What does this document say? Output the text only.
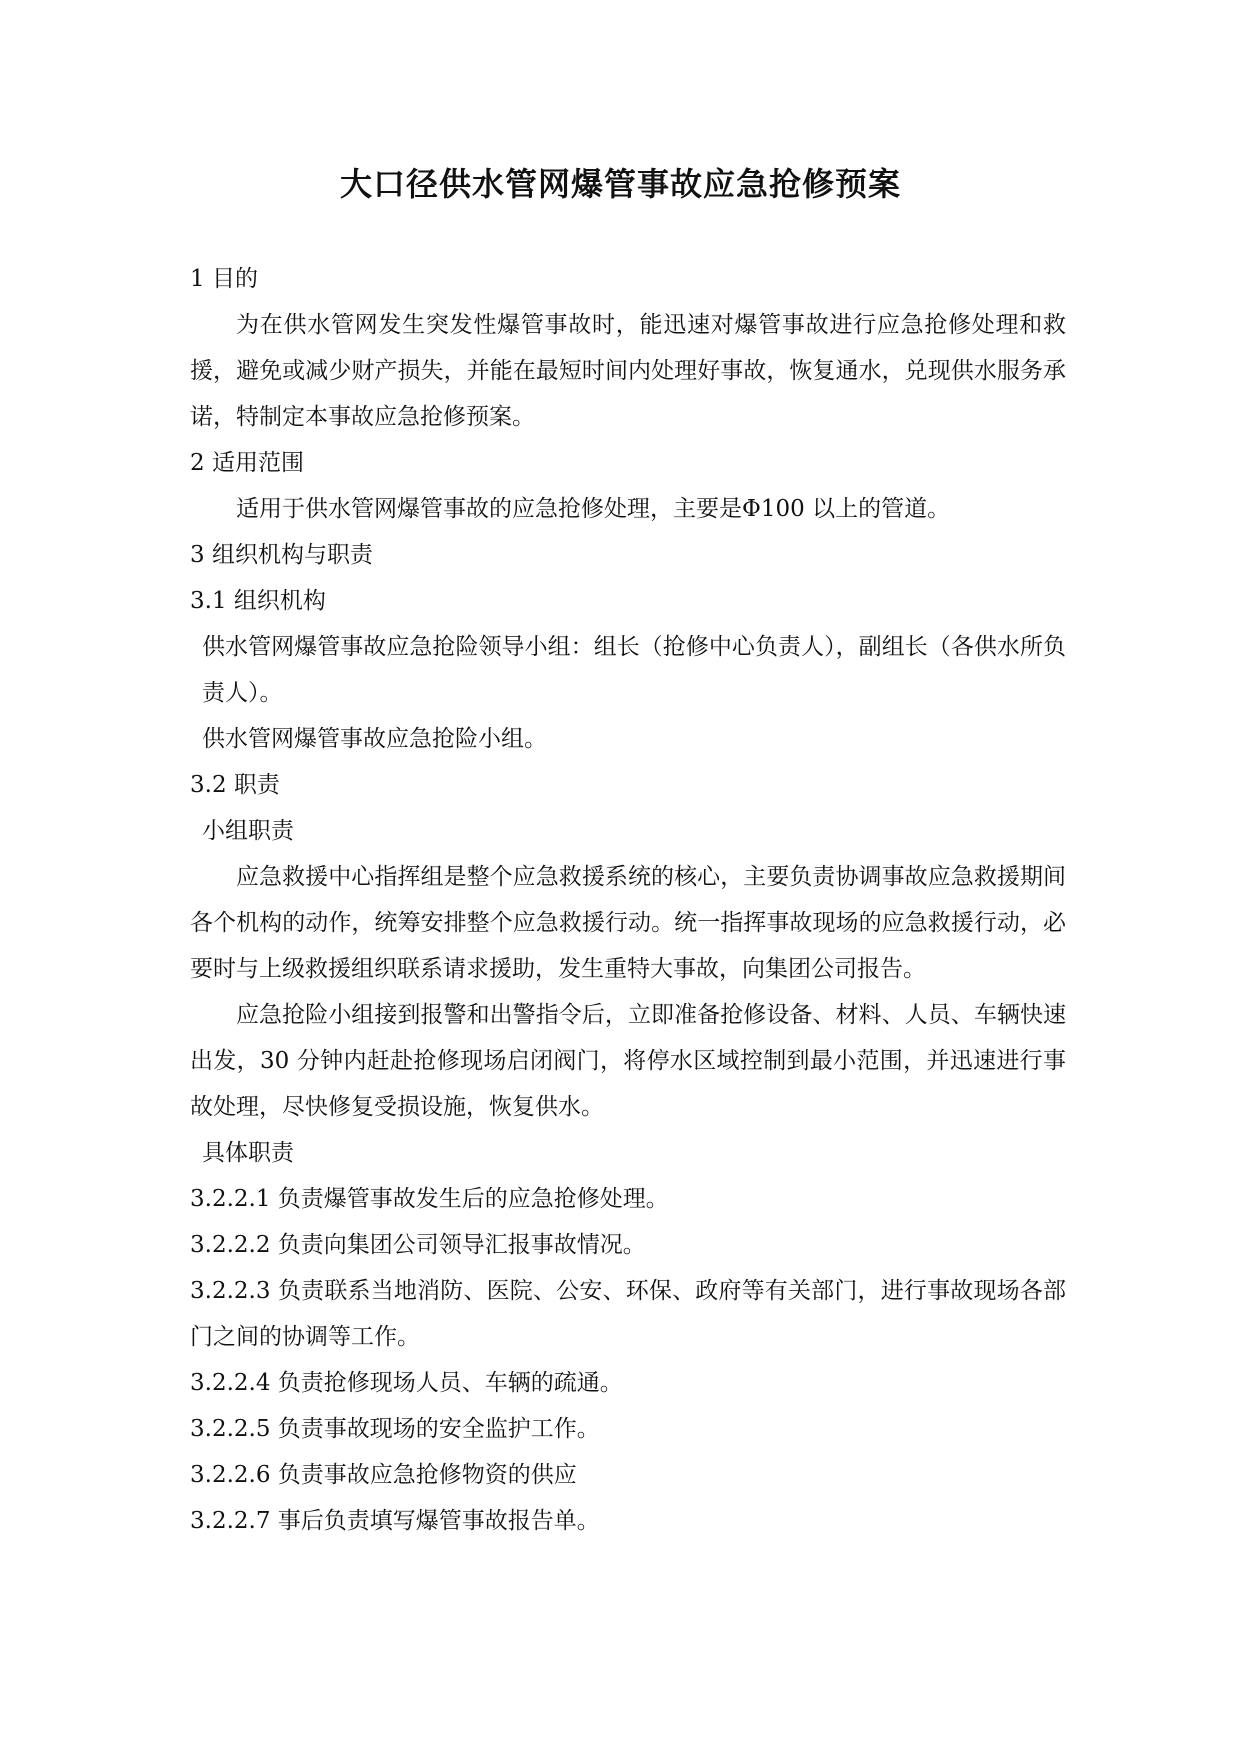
大口径供水管网爆管事故应急抢修预案

1 目的

为在供水管网发生突发性爆管事故时，能迅速对爆管事故进行应急抢修处理和救援，避免或减少财产损失，并能在最短时间内处理好事故，恢复通水，兑现供水服务承诺，特制定本事故应急抢修预案。

2 适用范围

适用于供水管网爆管事故的应急抢修处理，主要是Φ100 以上的管道。

3 组织机构与职责

3.1 组织机构

供水管网爆管事故应急抢险领导小组：组长（抢修中心负责人），副组长（各供水所负责人）。

供水管网爆管事故应急抢险小组。

3.2 职责

小组职责

应急救援中心指挥组是整个应急救援系统的核心，主要负责协调事故应急救援期间各个机构的动作，统筹安排整个应急救援行动。统一指挥事故现场的应急救援行动，必要时与上级救援组织联系请求援助，发生重特大事故，向集团公司报告。

应急抢险小组接到报警和出警指令后，立即准备抢修设备、材料、人员、车辆快速出发，30 分钟内赶赴抢修现场启闭阀门，将停水区域控制到最小范围，并迅速进行事故处理，尽快修复受损设施，恢复供水。

具体职责

3.2.2.1 负责爆管事故发生后的应急抢修处理。

3.2.2.2 负责向集团公司领导汇报事故情况。

3.2.2.3 负责联系当地消防、医院、公安、环保、政府等有关部门，进行事故现场各部门之间的协调等工作。

3.2.2.4 负责抢修现场人员、车辆的疏通。

3.2.2.5 负责事故现场的安全监护工作。

3.2.2.6 负责事故应急抢修物资的供应

3.2.2.7 事后负责填写爆管事故报告单。
